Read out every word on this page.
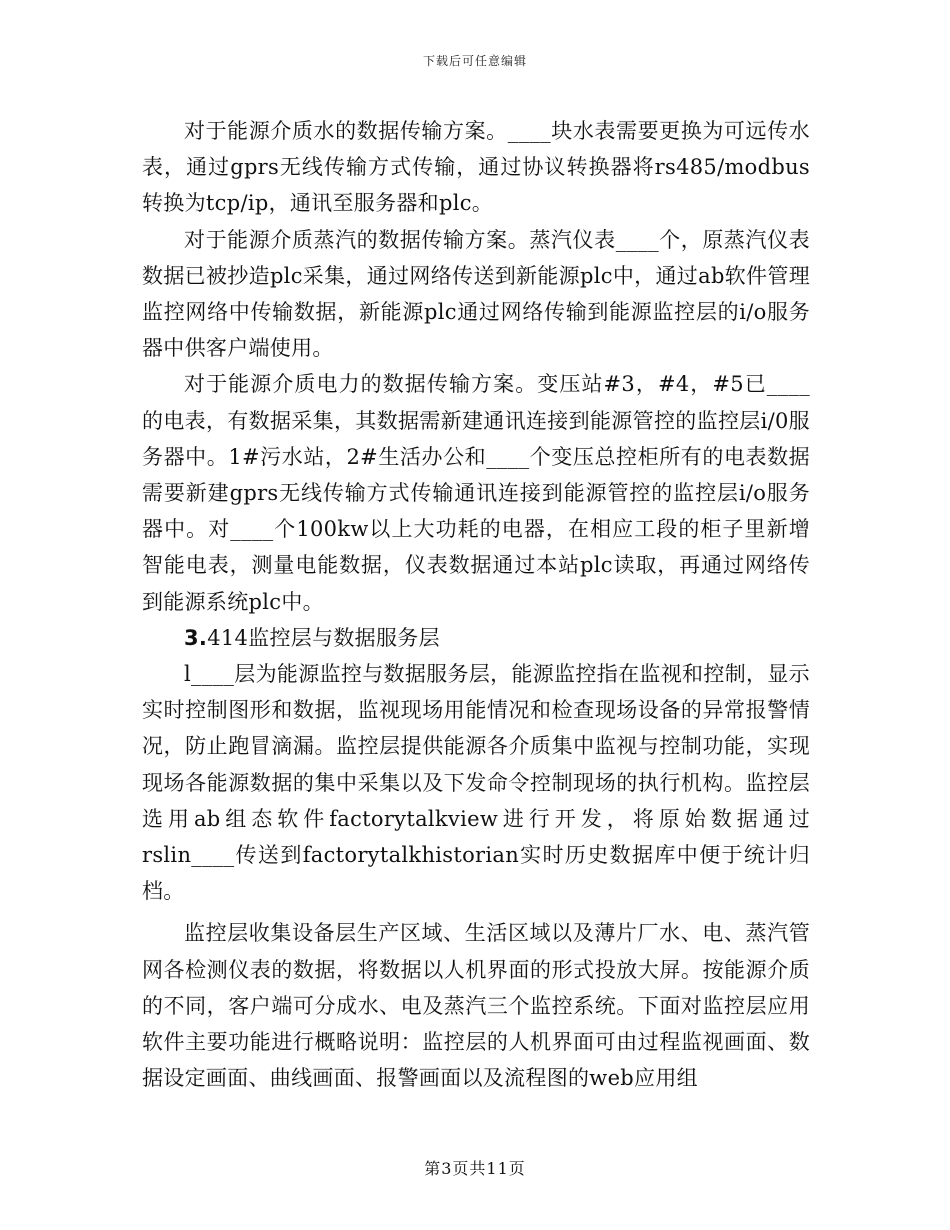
下载后可任意编辑

对于能源介质水的数据传输方案。____块水表需要更换为可远传水表，通过gprs无线传输方式传输，通过协议转换器将rs485/modbus转换为tcp/ip，通讯至服务器和plc。

对于能源介质蒸汽的数据传输方案。蒸汽仪表____个，原蒸汽仪表数据已被抄造plc采集，通过网络传送到新能源plc中，通过ab软件管理监控网络中传输数据，新能源plc通过网络传输到能源监控层的i/o服务器中供客户端使用。

对于能源介质电力的数据传输方案。变压站#3，#4，#5已____的电表，有数据采集，其数据需新建通讯连接到能源管控的监控层i/0服务器中。1#污水站，2#生活办公和____个变压总控柜所有的电表数据需要新建gprs无线传输方式传输通讯连接到能源管控的监控层i/o服务器中。对____个100kw以上大功耗的电器，在相应工段的柜子里新增智能电表，测量电能数据，仪表数据通过本站plc读取，再通过网络传到能源系统plc中。

3.414监控层与数据服务层

l____层为能源监控与数据服务层，能源监控指在监视和控制，显示实时控制图形和数据，监视现场用能情况和检查现场设备的异常报警情况，防止跑冒滴漏。监控层提供能源各介质集中监视与控制功能，实现现场各能源数据的集中采集以及下发命令控制现场的执行机构。监控层选用ab组态软件factorytalkview进行开发，将原始数据通过rslin____传送到factorytalkhistorian实时历史数据库中便于统计归档。

监控层收集设备层生产区域、生活区域以及薄片厂水、电、蒸汽管网各检测仪表的数据，将数据以人机界面的形式投放大屏。按能源介质的不同，客户端可分成水、电及蒸汽三个监控系统。下面对监控层应用软件主要功能进行概略说明：监控层的人机界面可由过程监视画面、数据设定画面、曲线画面、报警画面以及流程图的web应用组

第3页共11页
